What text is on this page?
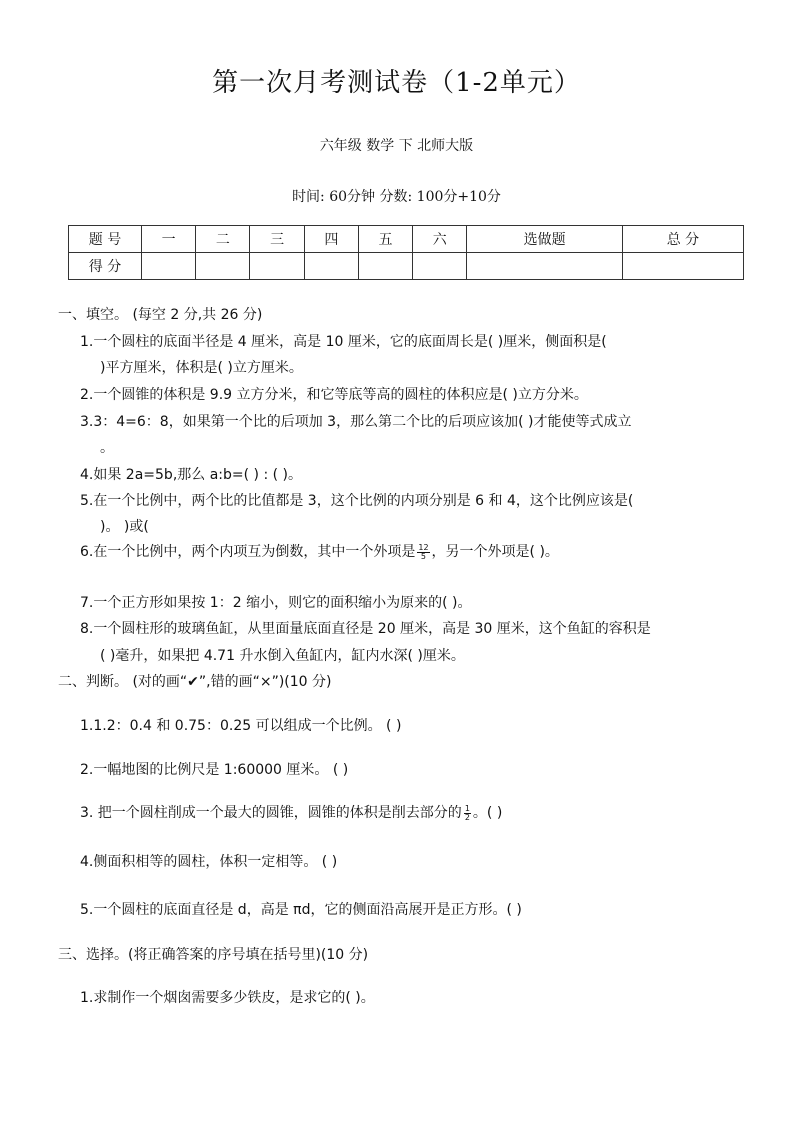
第一次月考测试卷（1-2单元）
六年级 数学 下 北师大版
时间: 60分钟 分数: 100分+10分
题 号	一	二	三	四	五	六	选做题	总 分
得 分								
一、填空。 (每空 2 分,共 26 分)
1.一个圆柱的底面半径是 4 厘米，高是 10 厘米，它的底面周长是( )厘米，侧面积是(
)平方厘米，体积是( )立方厘米。
2.一个圆锥的体积是 9.9 立方分米，和它等底等高的圆柱的体积应是( )立方分米。
3.3：4=6：8，如果第一个比的后项加 3，那么第二个比的后项应该加( )才能使等式成立
。
4.如果 2a=5b,那么 a:b=( ) : ( )。
5.在一个比例中，两个比的比值都是 3，这个比例的内项分别是 6 和 4，这个比例应该是(
)。 )或(
6.在一个比例中，两个内项互为倒数，其中一个外项是 $\frac{12}{5}$ ，另一个外项是( )。
7.一个正方形如果按 1：2 缩小，则它的面积缩小为原来的( )。
8.一个圆柱形的玻璃鱼缸，从里面量底面直径是 20 厘米，高是 30 厘米，这个鱼缸的容积是
( )毫升，如果把 4.71 升水倒入鱼缸内，缸内水深( )厘米。
二、判断。 (对的画“✔”,错的画“×”)(10 分)
1.1.2：0.4 和 0.75：0.25 可以组成一个比例。 ( )
2.一幅地图的比例尺是 1:60000 厘米。 ( )
3. 把一个圆柱削成一个最大的圆锥，圆锥的体积是削去部分的 $\frac{1}{2}$ 。( )
4.侧面积相等的圆柱，体积一定相等。 ( )
5.一个圆柱的底面直径是 d，高是 πd，它的侧面沿高展开是正方形。( )
三、选择。(将正确答案的序号填在括号里)(10 分)
1.求制作一个烟囱需要多少铁皮，是求它的( )。
